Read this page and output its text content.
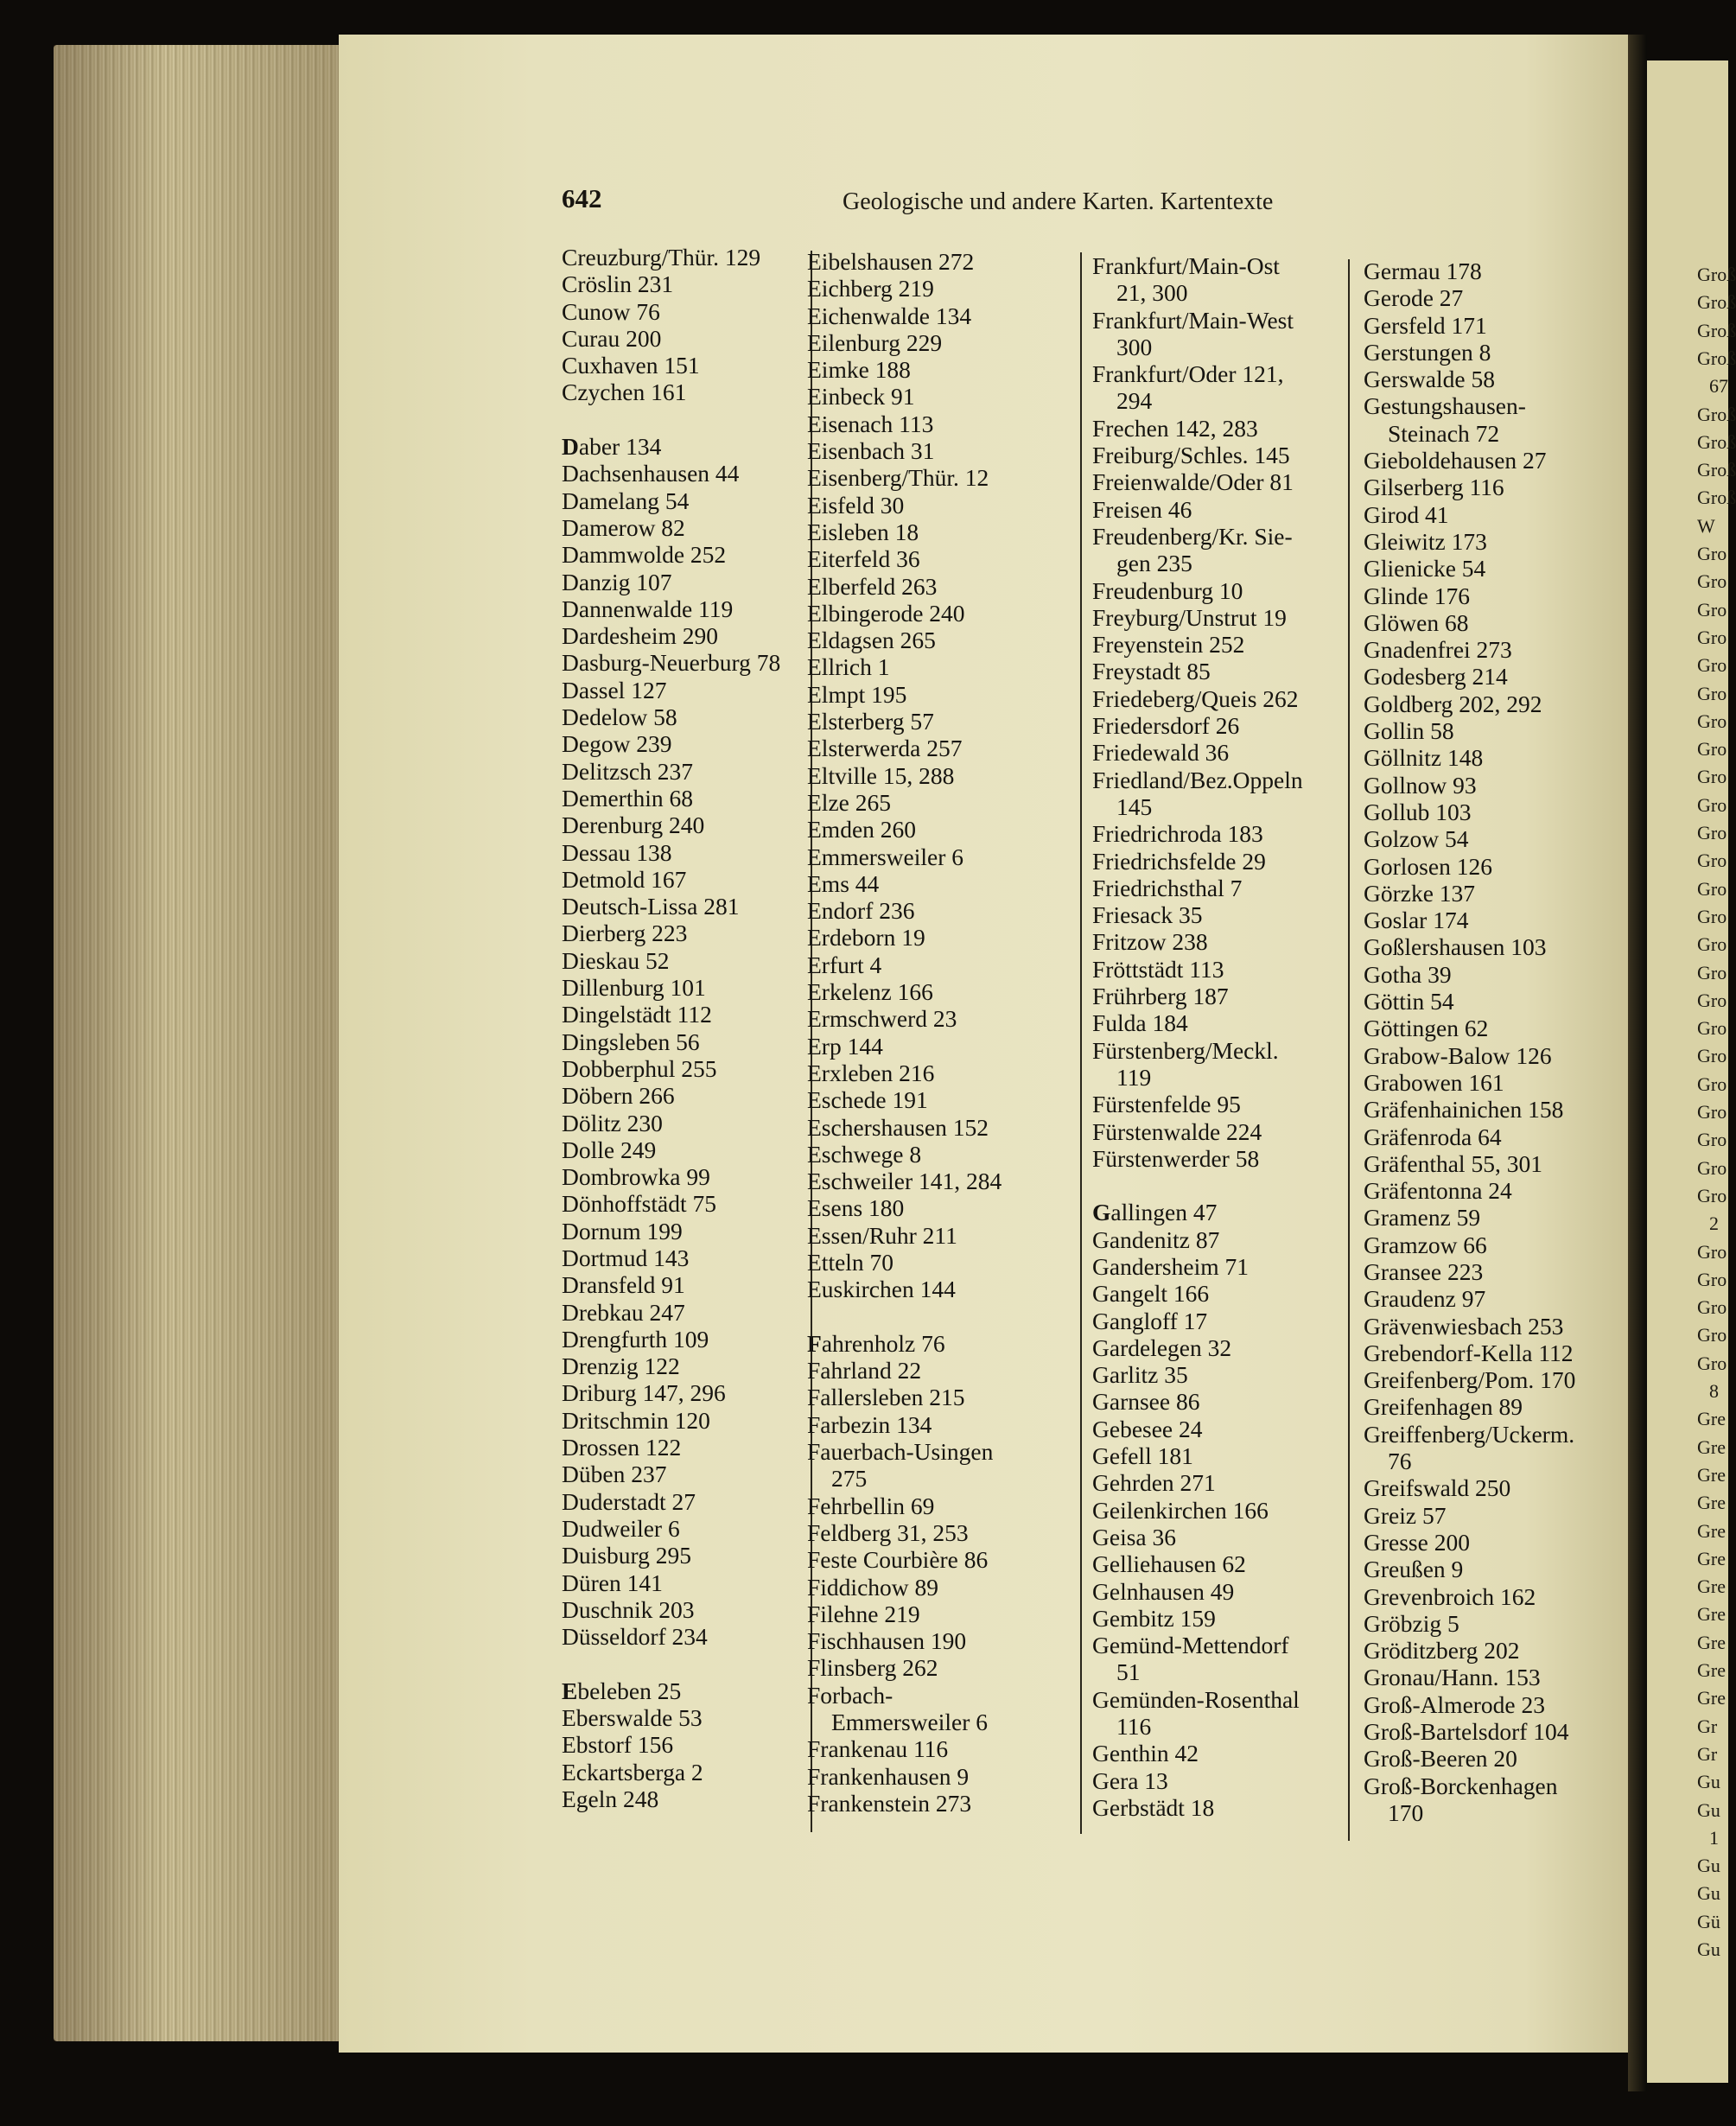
642	Geologische und andere Karten. Kartentexte
Creuzburg/Thür. 129
Cröslin 231
Cunow 76
Curau 200
Cuxhaven 151
Czychen 161
Daber 134
Dachsenhausen 44
Damelang 54
Damerow 82
Dammwolde 252
Danzig 107
Dannenwalde 119
Dardesheim 290
Dasburg-Neuerburg 78
Dassel 127
Dedelow 58
Degow 239
Delitzsch 237
Demerthin 68
Derenburg 240
Dessau 138
Detmold 167
Deutsch-Lissa 281
Dierberg 223
Dieskau 52
Dillenburg 101
Dingelstädt 112
Dingsleben 56
Dobberphul 255
Döbern 266
Dölitz 230
Dolle 249
Dombrowka 99
Dönhoffstädt 75
Dornum 199
Dortmud 143
Dransfeld 91
Drebkau 247
Drengfurth 109
Drenzig 122
Driburg 147, 296
Dritschmin 120
Drossen 122
Düben 237
Duderstadt 27
Dudweiler 6
Duisburg 295
Düren 141
Duschnik 203
Düsseldorf 234
Ebeleben 25
Eberswalde 53
Ebstorf 156
Eckartsberga 2
Egeln 248
Eibelshausen 272
Eichberg 219
Eichenwalde 134
Eilenburg 229
Eimke 188
Einbeck 91
Eisenach 113
Eisenbach 31
Eisenberg/Thür. 12
Eisfeld 30
Eisleben 18
Eiterfeld 36
Elberfeld 263
Elbingerode 240
Eldagsen 265
Ellrich 1
Elmpt 195
Elsterberg 57
Elsterwerda 257
Eltville 15, 288
Elze 265
Emden 260
Emmersweiler 6
Ems 44
Endorf 236
Erdeborn 19
Erfurt 4
Erkelenz 166
Ermschwerd 23
Erp 144
Erxleben 216
Eschede 191
Eschershausen 152
Eschwege 8
Eschweiler 141, 284
Esens 180
Essen/Ruhr 211
Etteln 70
Euskirchen 144
Fahrenholz 76
Fahrland 22
Fallersleben 215
Farbezin 134
Fauerbach-Usingen
275
Fehrbellin 69
Feldberg 31, 253
Feste Courbière 86
Fiddichow 89
Filehne 219
Fischhausen 190
Flinsberg 262
Forbach-
Emmersweiler 6
Frankenau 116
Frankenhausen 9
Frankenstein 273
Frankfurt/Main-Ost
21, 300
Frankfurt/Main-West
300
Frankfurt/Oder 121,
294
Frechen 142, 283
Freiburg/Schles. 145
Freienwalde/Oder 81
Freisen 46
Freudenberg/Kr. Sie-
gen 235
Freudenburg 10
Freyburg/Unstrut 19
Freyenstein 252
Freystadt 85
Friedeberg/Queis 262
Friedersdorf 26
Friedewald 36
Friedland/Bez.Oppeln
145
Friedrichroda 183
Friedrichsfelde 29
Friedrichsthal 7
Friesack 35
Fritzow 238
Fröttstädt 113
Frührberg 187
Fulda 184
Fürstenberg/Meckl.
119
Fürstenfelde 95
Fürstenwalde 224
Fürstenwerder 58
Gallingen 47
Gandenitz 87
Gandersheim 71
Gangelt 166
Gangloff 17
Gardelegen 32
Garlitz 35
Garnsee 86
Gebesee 24
Gefell 181
Gehrden 271
Geilenkirchen 166
Geisa 36
Gelliehausen 62
Gelnhausen 49
Gembitz 159
Gemünd-Mettendorf
51
Gemünden-Rosenthal
116
Genthin 42
Gera 13
Gerbstädt 18
Germau 178
Gerode 27
Gersfeld 171
Gerstungen 8
Gerswalde 58
Gestungshausen-
Steinach 72
Gieboldehausen 27
Gilserberg 116
Girod 41
Gleiwitz 173
Glienicke 54
Glinde 176
Glöwen 68
Gnadenfrei 273
Godesberg 214
Goldberg 202, 292
Gollin 58
Göllnitz 148
Gollnow 93
Gollub 103
Golzow 54
Gorlosen 126
Görzke 137
Goslar 174
Goßlershausen 103
Gotha 39
Göttin 54
Göttingen 62
Grabow-Balow 126
Grabowen 161
Gräfenhainichen 158
Gräfenroda 64
Gräfenthal 55, 301
Gräfentonna 24
Gramenz 59
Gramzow 66
Gransee 223
Graudenz 97
Grävenwiesbach 253
Grebendorf-Kella 112
Greifenberg/Pom. 170
Greifenhagen 89
Greiffenberg/Uckerm.
76
Greifswald 250
Greiz 57
Gresse 200
Greußen 9
Grevenbroich 162
Gröbzig 5
Gröditzberg 202
Gronau/Hann. 153
Groß-Almerode 23
Groß-Bartelsdorf 104
Groß-Beeren 20
Groß-Borckenhagen
170
Groß
Groß
Groß
Groß
67
Groß
Groß
Groß
Groß
W
Gro
Gro
Gro
Gro
Gro
Gro
Gro
Gro
Gro
Gro
Gro
Gro
Gro
Gro
Gro
Gro
Gro
Gro
Gro
Gro
Gro
Gro
Gro
Gro
2
Gro
Gro
Gro
Gro
Gro
8
Gre
Gre
Gre
Gre
Gre
Gre
Gre
Gre
Gre
Gre
Gre
Gr
Gr
Gu
Gu
1
Gu
Gu
Gü
Gu
